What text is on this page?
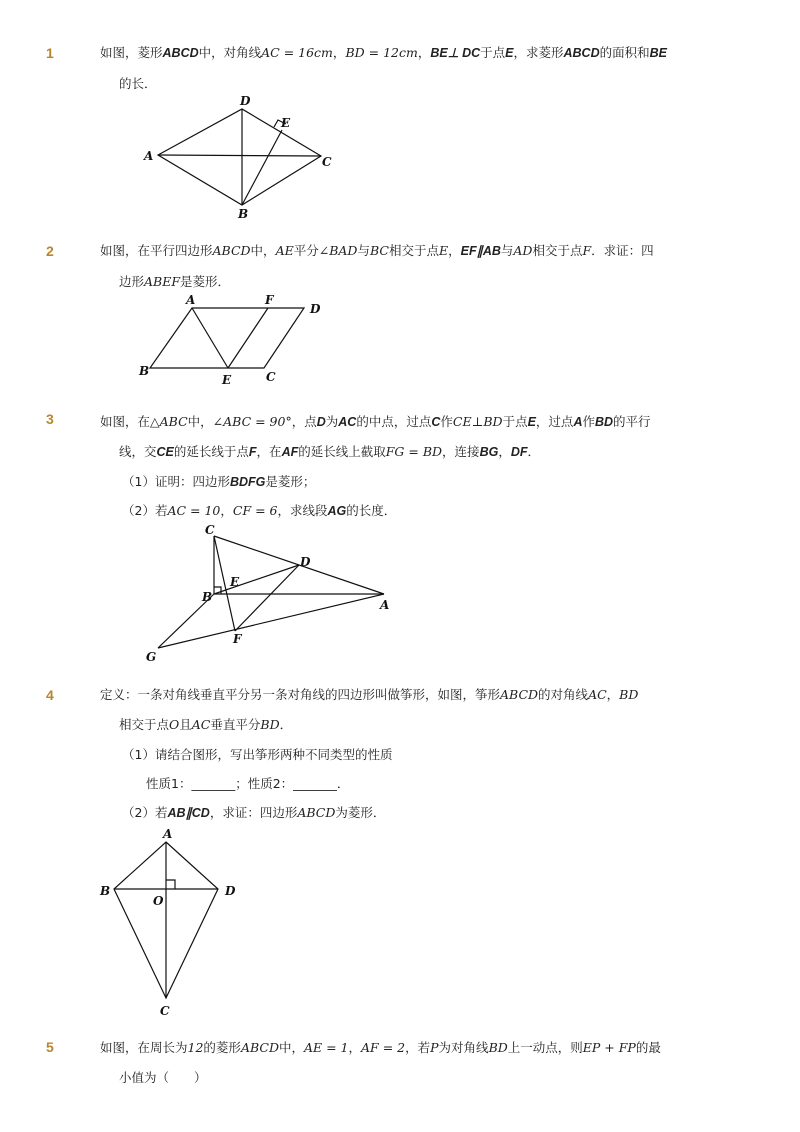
1	如图，菱形ABCD中，对角线AC = 16cm，BD = 12cm，BE⊥ DC于点E，求菱形ABCD的面积和BE
的长．
D
E
A	C
B
2	如图，在平行四边形ABCD中，AE平分∠BAD与BC相交于点E，EF∥AB与AD相交于点F．求证：四
边形ABEF是菱形．
A	F
D
B
E	C
3	如图，在△ABC中，∠ABC = 90°，点D为AC的中点，过点C作CE⊥BD于点E，过点A作BD的平行
线，交CE的延长线于点F，在AF的延长线上截取FG = BD，连接BG，DF．
（1）证明：四边形BDFG是菱形；
（2）若AC = 10，CF = 6，求线段AG的长度．
C
D
E
B
A
F
G
4	定义：一条对角线垂直平分另一条对角线的四边形叫做筝形，如图，筝形ABCD的对角线AC，BD
相交于点O且AC垂直平分BD．
（1）请结合图形，写出筝形两种不同类型的性质
性质1：_______；性质2：_______．
（2）若AB∥CD，求证：四边形ABCD为菱形．
A
B
O
D
C
5	如图，在周长为12的菱形ABCD中，AE = 1，AF = 2，若P为对角线BD上一动点，则EP + FP的最
小值为（　　）
